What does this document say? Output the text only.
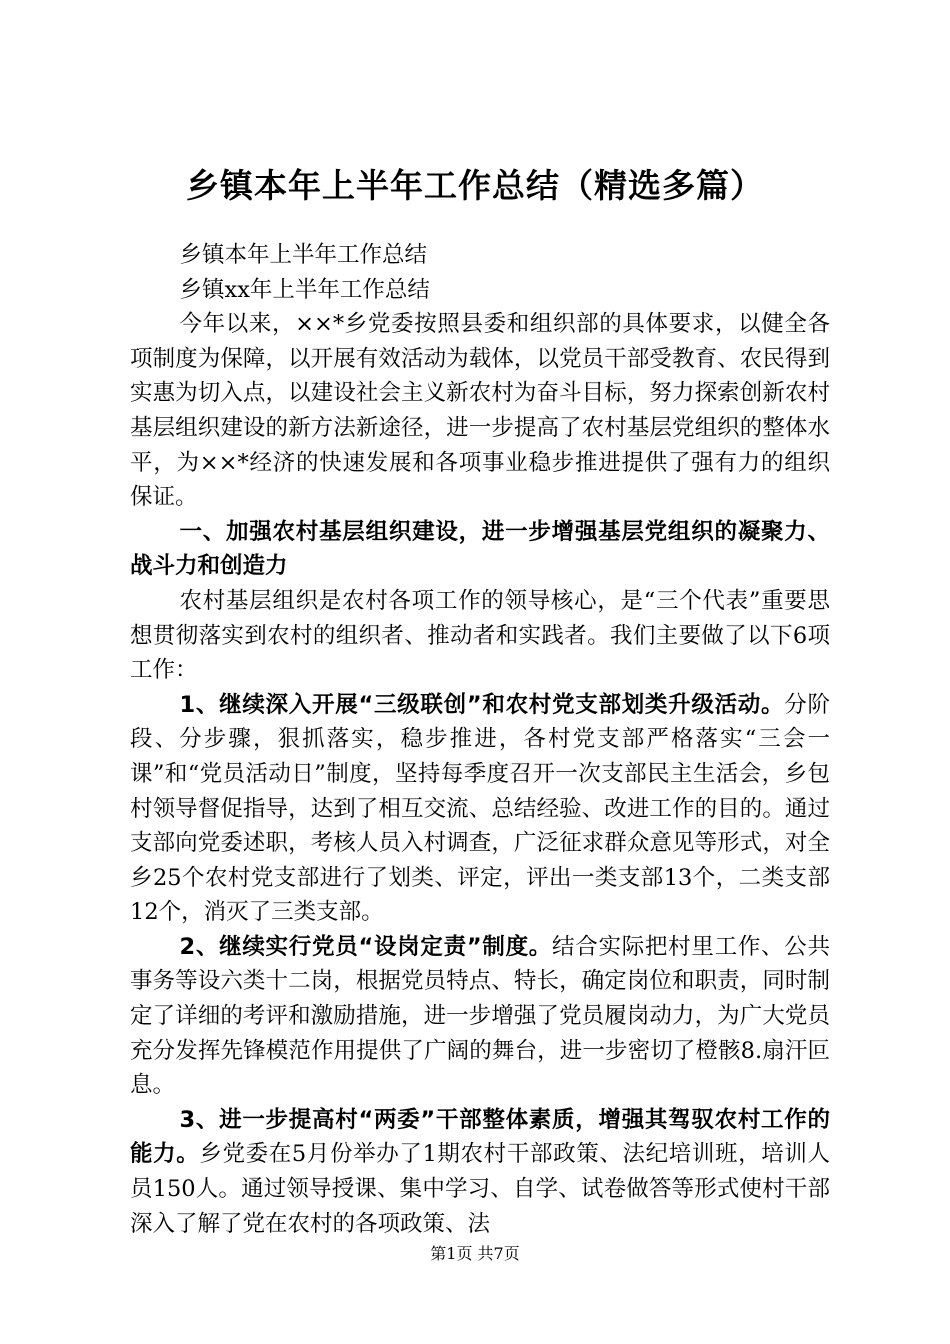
乡镇本年上半年工作总结（精选多篇）

乡镇本年上半年工作总结

乡镇xx年上半年工作总结

今年以来，××*乡党委按照县委和组织部的具体要求，以健全各项制度为保障，以开展有效活动为载体，以党员干部受教育、农民得到实惠为切入点，以建设社会主义新农村为奋斗目标，努力探索创新农村基层组织建设的新方法新途径，进一步提高了农村基层党组织的整体水平，为××*经济的快速发展和各项事业稳步推进提供了强有力的组织保证。

一、加强农村基层组织建设，进一步增强基层党组织的凝聚力、战斗力和创造力

农村基层组织是农村各项工作的领导核心，是“三个代表”重要思想贯彻落实到农村的组织者、推动者和实践者。我们主要做了以下6项工作：

1、继续深入开展“三级联创”和农村党支部划类升级活动。分阶段、分步骤，狠抓落实，稳步推进，各村党支部严格落实“三会一课”和“党员活动日”制度，坚持每季度召开一次支部民主生活会，乡包村领导督促指导，达到了相互交流、总结经验、改进工作的目的。通过支部向党委述职，考核人员入村调查，广泛征求群众意见等形式，对全乡25个农村党支部进行了划类、评定，评出一类支部13个，二类支部12个，消灭了三类支部。

2、继续实行党员“设岗定责”制度。结合实际把村里工作、公共事务等设六类十二岗，根据党员特点、特长，确定岗位和职责，同时制定了详细的考评和激励措施，进一步增强了党员履岗动力，为广大党员充分发挥先锋模范作用提供了广阔的舞台，进一步密切了橙骸8.扇汗叵息。

3、进一步提高村“两委”干部整体素质，增强其驾驭农村工作的能力。乡党委在5月份举办了1期农村干部政策、法纪培训班，培训人员150人。通过领导授课、集中学习、自学、试卷做答等形式使村干部深入了解了党在农村的各项政策、法

第1页 共7页
